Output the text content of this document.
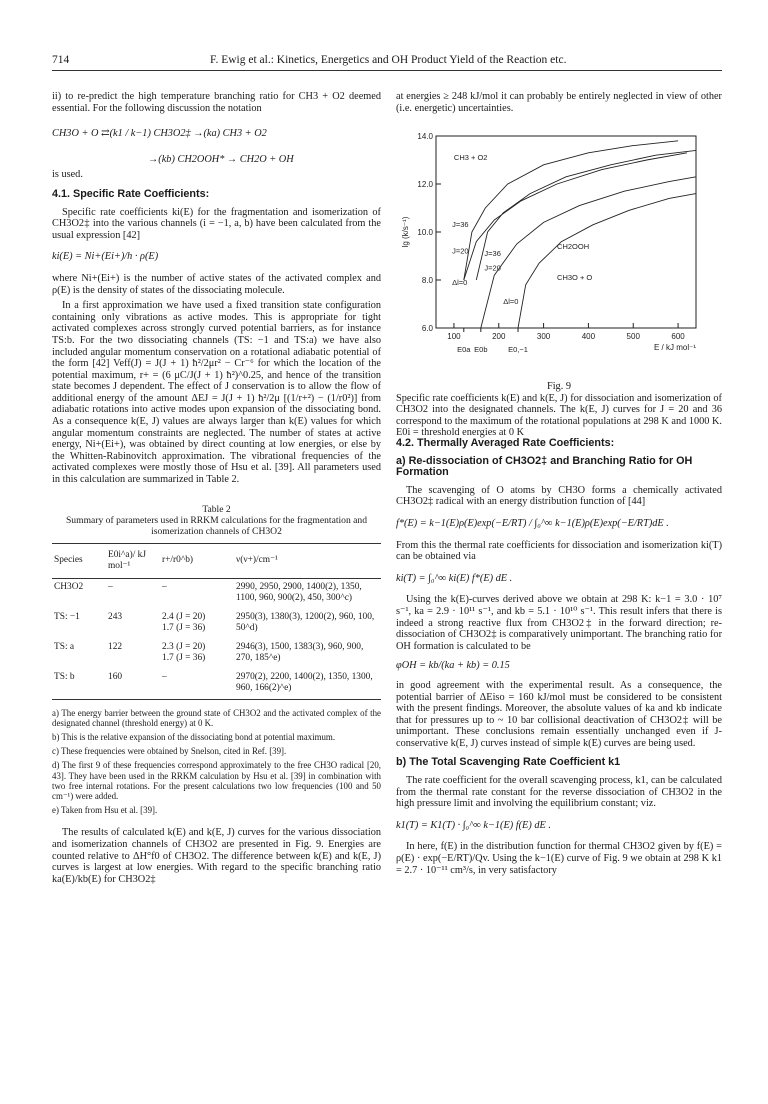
714	F. Ewig et al.: Kinetics, Energetics and OH Product Yield of the Reaction etc.

ii) to re-predict the high temperature branching ratio for CH3 + O2 deemed essential. For the following discussion the notation

CH3O + O ⇄(k1 / k−1) CH3O2‡ →(ka) CH3 + O2

→(kb) CH2OOH* → CH2O + OH

is used.

4.1. Specific Rate Coefficients:

Specific rate coefficients ki(E) for the fragmentation and isomerization of CH3O2‡ into the various channels (i = −1, a, b) have been calculated from the usual expression [42]

ki(E) = Ni+(Ei+)/h · ρ(E)

where Ni+(Ei+) is the number of active states of the activated complex and ρ(E) is the density of states of the dissociating molecule.

In a first approximation we have used a fixed transition state configuration containing only vibrations as active modes. This is appropriate for tight activated complexes across strongly curved potential barriers, as for instance TS:b. For the two dissociating channels (TS: −1 and TS:a) we have also included angular momentum conservation on a rotational adiabatic potential of the form [42] Veff(J) = J(J + 1) ħ²/2μr² − Cr⁻⁶ for which the location of the potential maximum, r+ = (6 μC/J(J + 1) ħ²)^0.25, and hence of the transition state becomes J dependent. The effect of J conservation is to allow the flow of additional energy of the amount ΔEJ = J(J + 1) ħ²/2μ [(1/r+²) − (1/r0²)] from adiabatic rotations into active modes upon expansion of the dissociating bond. As a consequence k(E, J) values are always larger than k(E) values for which angular momentum constraints are neglected. The number of states at active energy, Ni+(Ei+), was obtained by direct counting at low energies, or else by the Whitten-Rabinovitch approximation. The vibrational frequencies of the activated complexes were mostly those of Hsu et al. [39]. All parameters used in this calculation are summarized in Table 2.

Table 2
Summary of parameters used in RRKM calculations for the fragmentation and isomerization channels of CH3O2
Species	E0i^a)/ kJ mol⁻¹	r+/r0^b)	ν(ν+)/cm⁻¹
CH3O2	–	–	2990, 2950, 2900, 1400(2), 1350, 1100, 960, 900(2), 450, 300^c)
TS: −1	243	2.4 (J = 20)
1.7 (J = 36)	2950(3), 1380(3), 1200(2), 960, 100, 50^d)
TS: a	122	2.3 (J = 20)
1.7 (J = 36)	2946(3), 1500, 1383(3), 960, 900, 270, 185^e)
TS: b	160	–	2970(2), 2200, 1400(2), 1350, 1300, 960, 166(2)^e)

a) The energy barrier between the ground state of CH3O2 and the activated complex of the designated channel (threshold energy) at 0 K.

b) This is the relative expansion of the dissociating bond at potential maximum.

c) These frequencies were obtained by Snelson, cited in Ref. [39].

d) The first 9 of these frequencies correspond approximately to the free CH3O radical [20, 43]. They have been used in the RRKM calculation by Hsu et al. [39] in combination with two free internal rotations. For the present calculations two low frequencies (100 and 50 cm⁻¹) were added.

e) Taken from Hsu et al. [39].

The results of calculated k(E) and k(E, J) curves for the various dissociation and isomerization channels of CH3O2 are presented in Fig. 9. Energies are counted relative to ΔH°f0 of CH3O2. The difference between k(E) and k(E, J) curves is largest at low energies. With regard to the specific branching ratio ka(E)/kb(E) for CH3O2‡

at energies ≥ 248 kJ/mol it can probably be entirely neglected in view of other (i.e. energetic) uncertainties.

100	200	300	400	500	600
6.0
8.0
10.0
12.0
14.0
lg (k/s⁻¹)
E / kJ mol⁻¹
E0a E0b	E0,−1
CH3 + O2
J=36
J=20
Δl=0
J=36
J=20
CH2OOH
CH3O + O
Δl=0
Fig. 9
Specific rate coefficients k(E) and k(E, J) for dissociation and isomerization of CH3O2 into the designated channels. The k(E, J) curves for J = 20 and 36 correspond to the maximum of the rotational populations at 298 K and 1000 K. E0i = threshold energies at 0 K
4.2. Thermally Averaged Rate Coefficients:
a) Re-dissociation of CH3O2‡ and Branching Ratio for OH Formation

The scavenging of O atoms by CH3O forms a chemically activated CH3O2‡ radical with an energy distribution function of [44]

f*(E) = k−1(E)ρ(E)exp(−E/RT) / ∫₀^∞ k−1(E)ρ(E)exp(−E/RT)dE .

From this the thermal rate coefficients for dissociation and isomerization ki(T) can be obtained via

ki(T) = ∫₀^∞ ki(E) f*(E) dE .

Using the k(E)-curves derived above we obtain at 298 K: k−1 = 3.0 · 10⁷ s⁻¹, ka = 2.9 · 10¹¹ s⁻¹, and kb = 5.1 · 10¹⁰ s⁻¹. This result infers that there is indeed a strong reactive flux from CH3O2‡ in the forward direction; re-dissociation of CH3O2‡ is comparatively unimportant. The branching ratio for OH formation is calculated to be

φOH = kb/(ka + kb) = 0.15

in good agreement with the experimental result. As a consequence, the potential barrier of ΔEiso = 160 kJ/mol must be considered to be consistent with the present findings. Moreover, the absolute values of ka and kb indicate that for pressures up to ~ 10 bar collisional deactivation of CH3O2‡ will be unimportant. These conclusions remain essentially unchanged even if J-conservative k(E, J) curves instead of simple k(E) curves are being used.

b) The Total Scavenging Rate Coefficient k1

The rate coefficient for the overall scavenging process, k1, can be calculated from the thermal rate constant for the reverse dissociation of CH3O2 in the high pressure limit and involving the equilibrium constant; viz.

k1(T) = K1(T) · ∫₀^∞ k−1(E) f(E) dE .

In here, f(E) in the distribution function for thermal CH3O2 given by f(E) = ρ(E) · exp(−E/RT)/Qv. Using the k−1(E) curve of Fig. 9 we obtain at 298 K k1 = 2.7 · 10⁻¹¹ cm³/s, in very satisfactory
